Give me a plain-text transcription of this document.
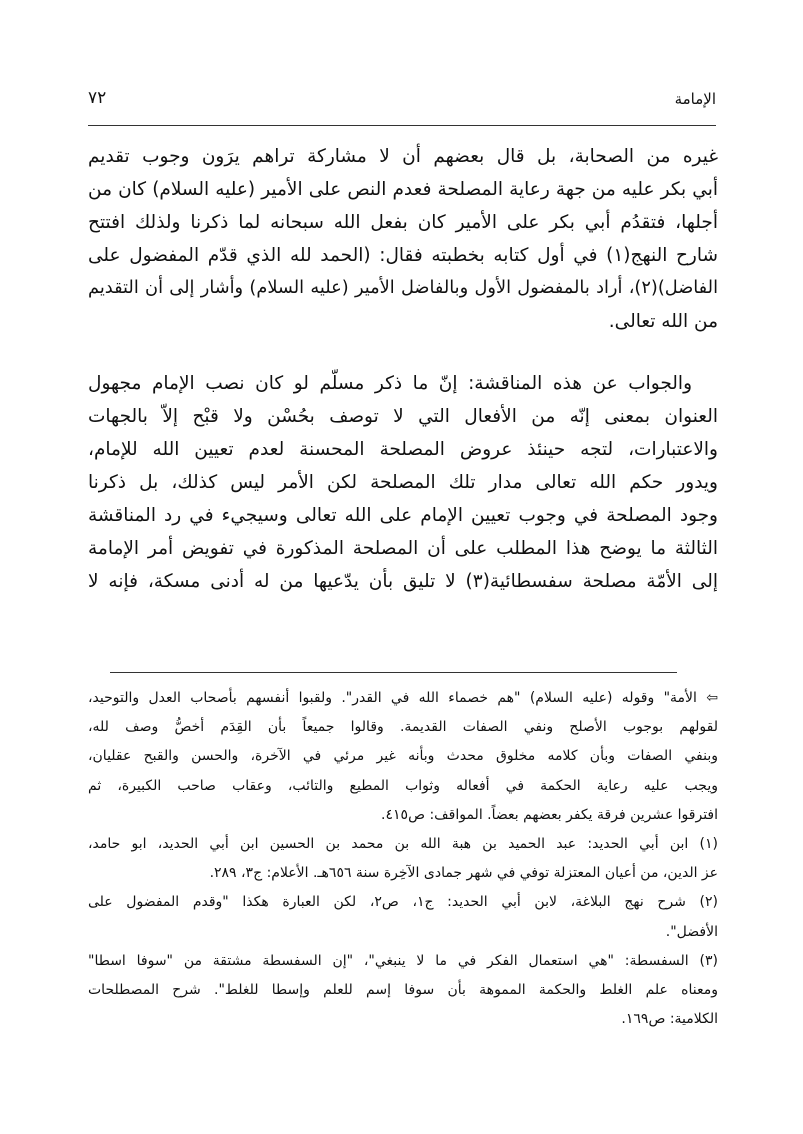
الإمامة
٧٢
غيره من الصحابة، بل قال بعضهم أن لا مشاركة تراهم يرَون وجوب تقديم
أبي بكر عليه من جهة رعاية المصلحة فعدم النص على الأمير (عليه السلام) كان من
أجلها، فتقدُم أبي بكر على الأمير كان بفعل الله سبحانه لما ذكرنا ولذلك افتتح
شارح النهج(١) في أول كتابه بخطبته فقال: (الحمد لله الذي قدّم المفضول على
الفاضل)(٢)، أراد بالمفضول الأول وبالفاضل الأمير (عليه السلام) وأشار إلى أن التقديم
من الله تعالى.
والجواب عن هذه المناقشة: إنّ ما ذكر مسلّم لو كان نصب الإمام مجهول
العنوان بمعنى إنّه من الأفعال التي لا توصف بحُسْن ولا قبْح إلاّ بالجهات
والاعتبارات، لتجه حينئذ عروض المصلحة المحسنة لعدم تعيين الله للإمام،
ويدور حكم الله تعالى مدار تلك المصلحة لكن الأمر ليس كذلك، بل ذكرنا
وجود المصلحة في وجوب تعيين الإمام على الله تعالى وسيجيء في رد المناقشة
الثالثة ما يوضح هذا المطلب على أن المصلحة المذكورة في تفويض أمر الإمامة
إلى الأمّة مصلحة سفسطائية(٣) لا تليق بأن يدّعيها من له أدنى مسكة، فإنه لا
⇦ الأمة" وقوله (عليه السلام) "هم خصماء الله في القدر". ولقبوا أنفسهم بأصحاب العدل والتوحيد،
لقولهم بوجوب الأصلح ونفي الصفات القديمة. وقالوا جميعاً بأن القِدَم أخصُّ وصف لله،
وبنفي الصفات وبأن كلامه مخلوق محدث وبأنه غير مرئي في الآخرة، والحسن والقبح عقليان،
ويجب عليه رعاية الحكمة في أفعاله وثواب المطيع والتائب، وعقاب صاحب الكبيرة، ثم
افترقوا عشرين فرقة يكفر بعضهم بعضاً. المواقف: ص٤١٥.
(١) ابن أبي الحديد: عبد الحميد بن هبة الله بن محمد بن الحسين ابن أبي الحديد، ابو حامد،
عز الدين، من أعيان المعتزلة توفي في شهر جمادى الآخِرة سنة ٦٥٦هـ. الأعلام: ج٣، ٢٨٩.
(٢) شرح نهج البلاغة، لابن أبي الحديد: ج١، ص٢، لكن العبارة هكذا "وقدم المفضول على
الأفضل".
(٣) السفسطة: "هي استعمال الفكر في ما لا ينبغي"، "إن السفسطة مشتقة من "سوفا اسطا"
ومعناه علم الغلط والحكمة المموهة بأن سوفا إسم للعلم وإسطا للغلط". شرح المصطلحات
الكلامية: ص١٦٩.
